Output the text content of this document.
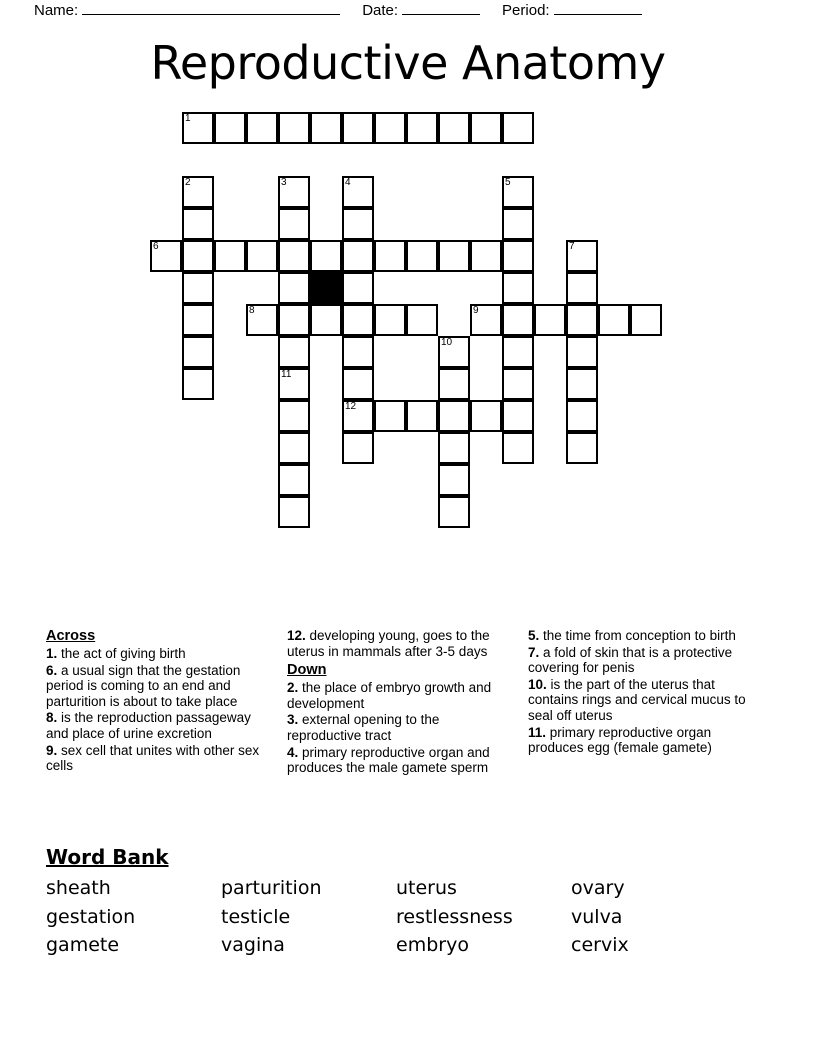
Name:	Date:	Period:
Reproductive Anatomy
1
2	3	4
12
5
6	7
8	9
10
11
Across

1. the act of giving birth

6. a usual sign that the gestation period is coming to an end and parturition is about to take place

8. is the reproduction passageway and place of urine excretion

9. sex cell that unites with other sex cells

12. developing young, goes to the uterus in mammals after 3-5 days

Down

2. the place of embryo growth and development

3. external opening to the reproductive tract

4. primary reproductive organ and produces the male gamete sperm

5. the time from conception to birth

7. a fold of skin that is a protective covering for penis

10. is the part of the uterus that contains rings and cervical mucus to seal off uterus

11. primary reproductive organ produces egg (female gamete)

Word Bank
sheath	parturition	uterus	ovary
gestation	testicle	restlessness	vulva
gamete	vagina	embryo	cervix
